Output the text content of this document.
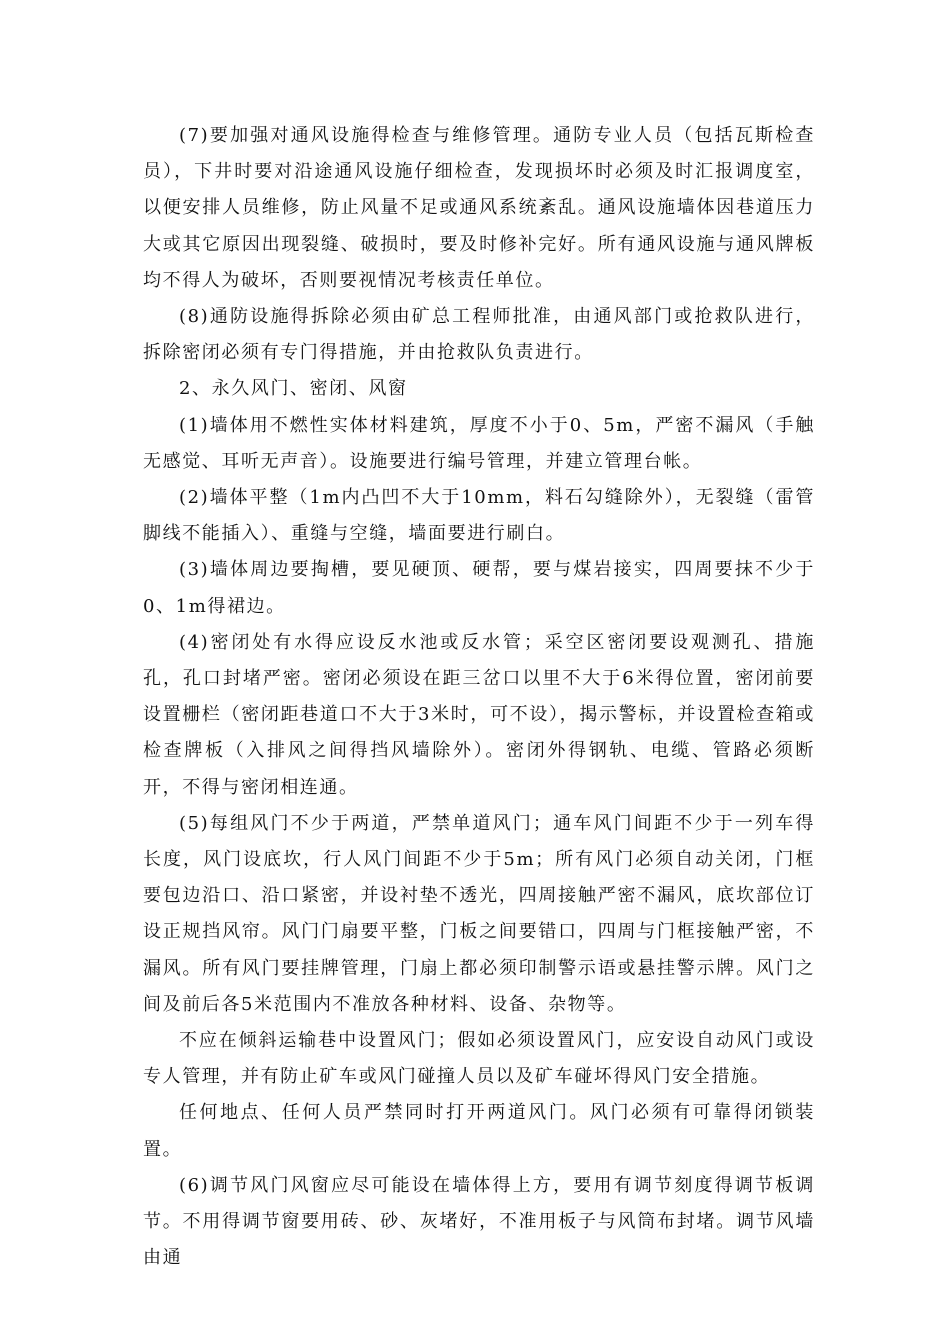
(7)要加强对通风设施得检查与维修管理。通防专业人员（包括瓦斯检查员），下井时要对沿途通风设施仔细检查，发现损坏时必须及时汇报调度室，以便安排人员维修，防止风量不足或通风系统紊乱。通风设施墙体因巷道压力大或其它原因出现裂缝、破损时，要及时修补完好。所有通风设施与通风牌板均不得人为破坏，否则要视情况考核责任单位。

(8)通防设施得拆除必须由矿总工程师批准，由通风部门或抢救队进行，拆除密闭必须有专门得措施，并由抢救队负责进行。

2、永久风门、密闭、风窗

(1)墙体用不燃性实体材料建筑，厚度不小于0、5m，严密不漏风（手触无感觉、耳听无声音）。设施要进行编号管理，并建立管理台帐。

(2)墙体平整（1m内凸凹不大于10mm，料石勾缝除外），无裂缝（雷管脚线不能插入）、重缝与空缝，墙面要进行刷白。

(3)墙体周边要掏槽，要见硬顶、硬帮，要与煤岩接实，四周要抹不少于0、1m得裙边。

(4)密闭处有水得应设反水池或反水管；采空区密闭要设观测孔、措施孔，孔口封堵严密。密闭必须设在距三岔口以里不大于6米得位置，密闭前要设置栅栏（密闭距巷道口不大于3米时，可不设），揭示警标，并设置检查箱或检查牌板（入排风之间得挡风墙除外）。密闭外得钢轨、电缆、管路必须断开，不得与密闭相连通。

(5)每组风门不少于两道，严禁单道风门；通车风门间距不少于一列车得长度，风门设底坎，行人风门间距不少于5m；所有风门必须自动关闭，门框要包边沿口、沿口紧密，并设衬垫不透光，四周接触严密不漏风，底坎部位订设正规挡风帘。风门门扇要平整，门板之间要错口，四周与门框接触严密，不漏风。所有风门要挂牌管理，门扇上都必须印制警示语或悬挂警示牌。风门之间及前后各5米范围内不准放各种材料、设备、杂物等。

不应在倾斜运输巷中设置风门；假如必须设置风门，应安设自动风门或设专人管理，并有防止矿车或风门碰撞人员以及矿车碰坏得风门安全措施。

任何地点、任何人员严禁同时打开两道风门。风门必须有可靠得闭锁装置。

(6)调节风门风窗应尽可能设在墙体得上方，要用有调节刻度得调节板调节。不用得调节窗要用砖、砂、灰堵好，不准用板子与风筒布封堵。调节风墙由通
